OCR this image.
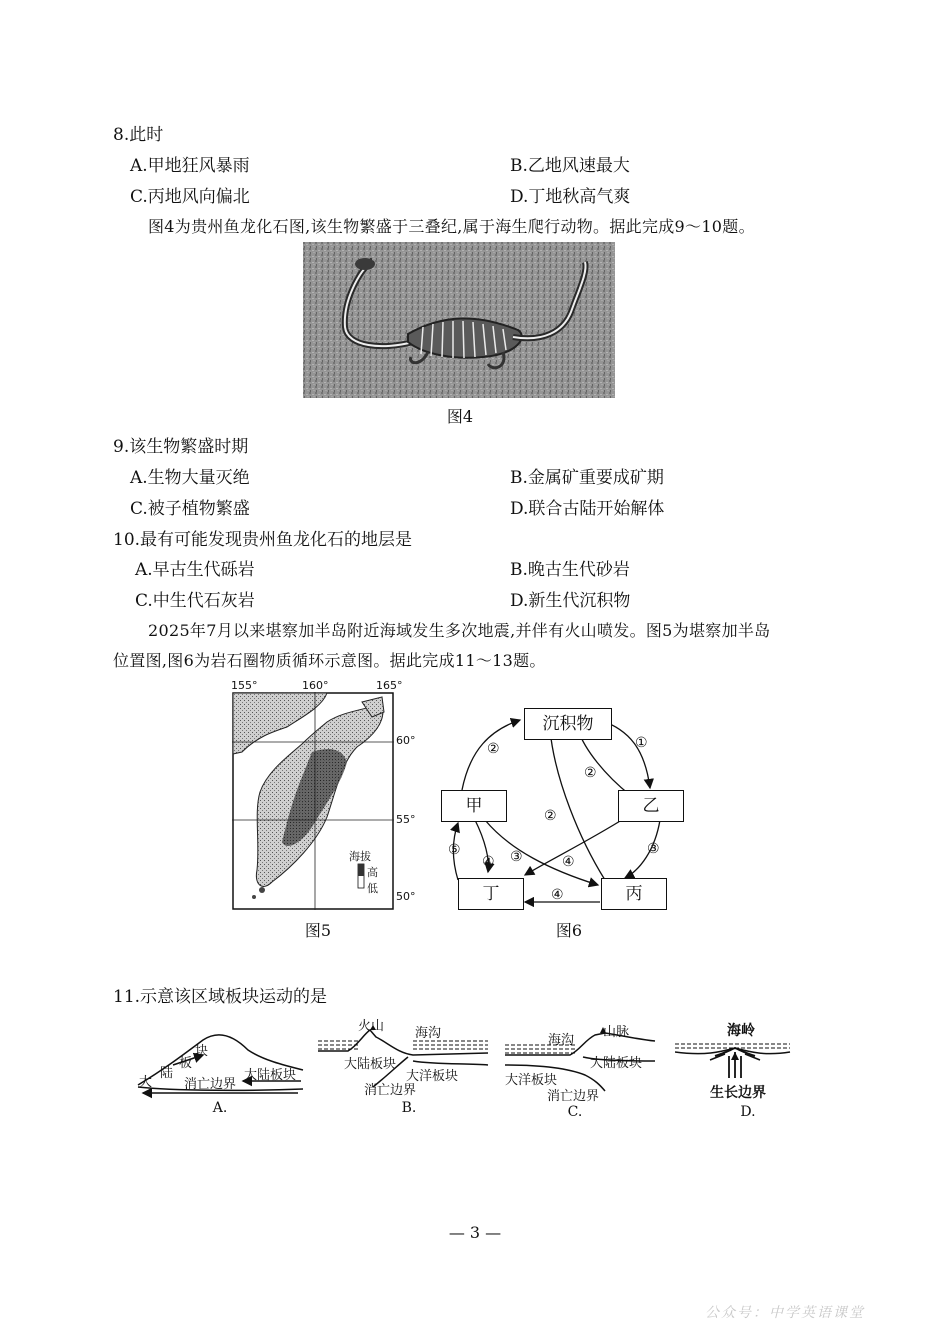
8.此时
A.甲地狂风暴雨	B.乙地风速最大
C.丙地风向偏北	D.丁地秋高气爽
图4为贵州鱼龙化石图,该生物繁盛于三叠纪,属于海生爬行动物。据此完成9～10题。
图4
9.该生物繁盛时期
A.生物大量灭绝	B.金属矿重要成矿期
C.被子植物繁盛	D.联合古陆开始解体
10.最有可能发现贵州鱼龙化石的地层是
A.早古生代砾岩	B.晚古生代砂岩
C.中生代石灰岩	D.新生代沉积物
2025年7月以来堪察加半岛附近海域发生多次地震,并伴有火山喷发。图5为堪察加半岛
位置图,图6为岩石圈物质循环示意图。据此完成11～13题。
155°	160°	165°
60°
55°
50°
海拔
高
低
图5
沉积物
甲	乙
丁	丙
②	①
②
②
⑤
④ ③	④
③
④
图6
11.示意该区域板块运动的是
大
陆
板
块
消亡边界
大陆板块
A.
火山 海沟
大陆板块
大洋板块
消亡边界
B.
海沟
山脉
大陆板块
大洋板块
消亡边界
C.
海岭
生长边界
D.
— 3 —
公众号：中学英语课堂
